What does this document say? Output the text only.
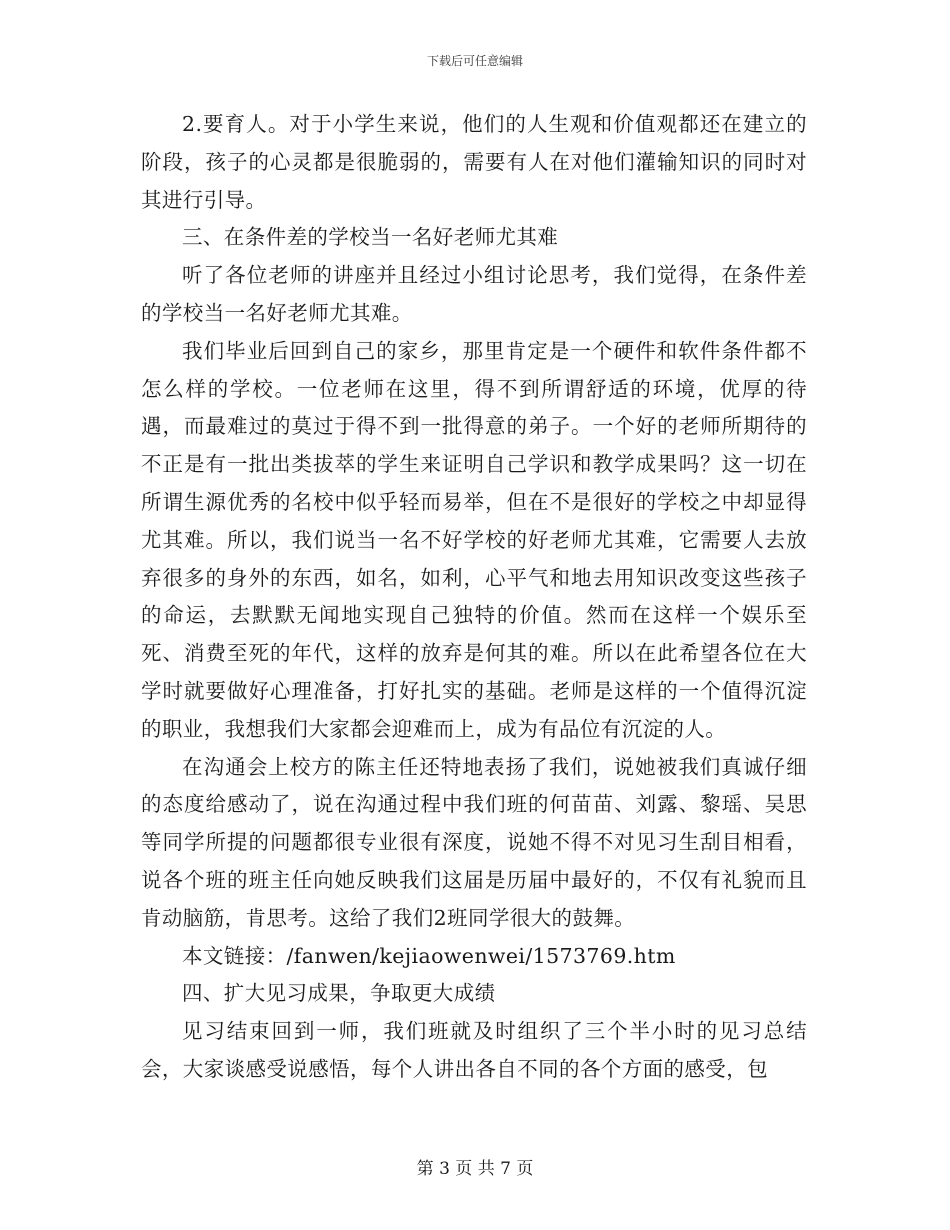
下载后可任意编辑

2.要育人。对于小学生来说，他们的人生观和价值观都还在建立的阶段，孩子的心灵都是很脆弱的，需要有人在对他们灌输知识的同时对其进行引导。

三、在条件差的学校当一名好老师尤其难

听了各位老师的讲座并且经过小组讨论思考，我们觉得，在条件差的学校当一名好老师尤其难。

我们毕业后回到自己的家乡，那里肯定是一个硬件和软件条件都不怎么样的学校。一位老师在这里，得不到所谓舒适的环境，优厚的待遇，而最难过的莫过于得不到一批得意的弟子。一个好的老师所期待的不正是有一批出类拔萃的学生来证明自己学识和教学成果吗？这一切在所谓生源优秀的名校中似乎轻而易举，但在不是很好的学校之中却显得尤其难。所以，我们说当一名不好学校的好老师尤其难，它需要人去放弃很多的身外的东西，如名，如利，心平气和地去用知识改变这些孩子的命运，去默默无闻地实现自己独特的价值。然而在这样一个娱乐至死、消费至死的年代，这样的放弃是何其的难。所以在此希望各位在大学时就要做好心理准备，打好扎实的基础。老师是这样的一个值得沉淀的职业，我想我们大家都会迎难而上，成为有品位有沉淀的人。

在沟通会上校方的陈主任还特地表扬了我们，说她被我们真诚仔细的态度给感动了，说在沟通过程中我们班的何苗苗、刘露、黎瑶、吴思等同学所提的问题都很专业很有深度，说她不得不对见习生刮目相看，说各个班的班主任向她反映我们这届是历届中最好的，不仅有礼貌而且肯动脑筋，肯思考。这给了我们2班同学很大的鼓舞。

本文链接：/fanwen/kejiaowenwei/1573769.htm

四、扩大见习成果，争取更大成绩

见习结束回到一师，我们班就及时组织了三个半小时的见习总结会，大家谈感受说感悟，每个人讲出各自不同的各个方面的感受，包

第 3 页 共 7 页
